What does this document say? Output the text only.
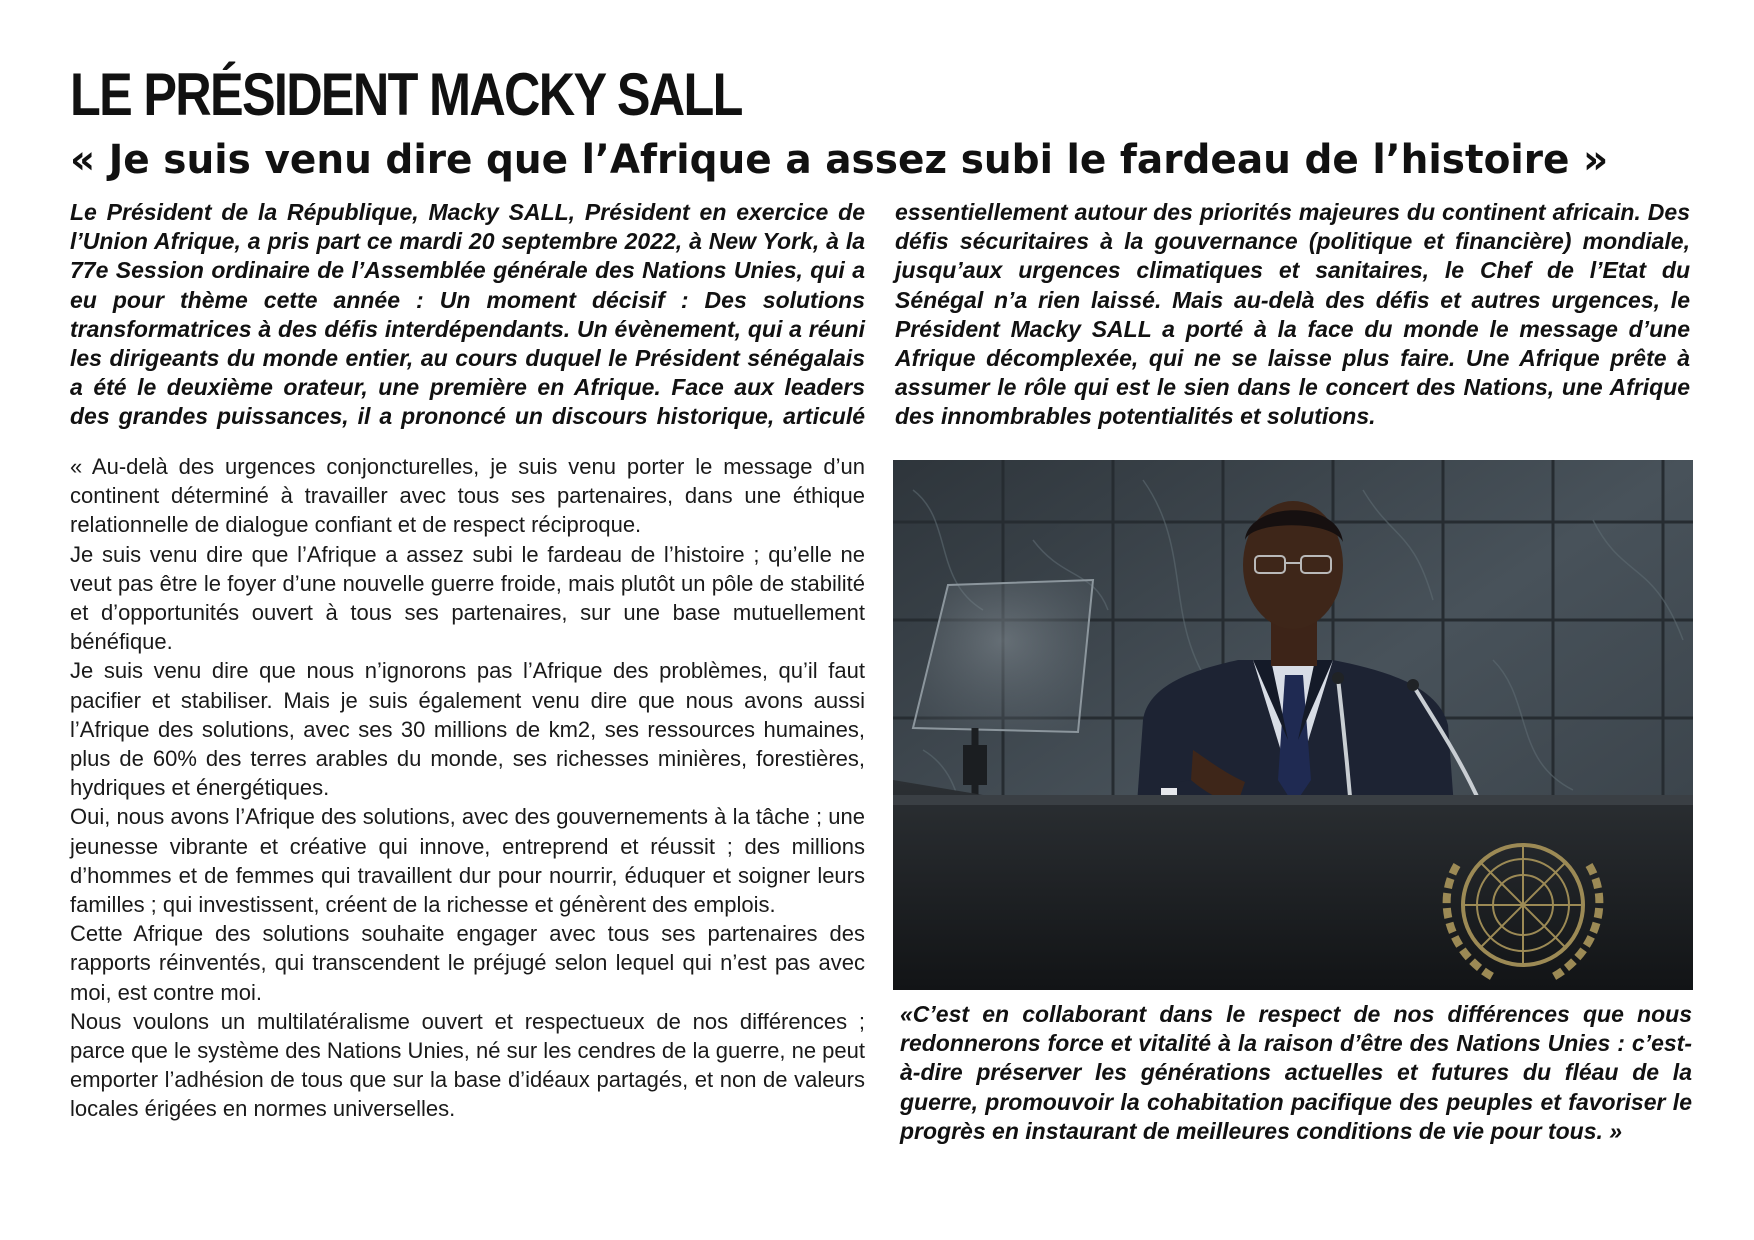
LE PRÉSIDENT MACKY SALL
« Je suis venu dire que l’Afrique a assez subi le fardeau de l’histoire »

Le Président de la République, Macky SALL, Président en exercice de l’Union Afrique, a pris part ce mardi 20 septembre 2022, à New York, à la 77e Session ordinaire de l’Assemblée générale des Nations Unies, qui a eu pour thème cette année : Un moment décisif : Des solutions transformatrices à des défis interdépendants. Un évènement, qui a réuni les dirigeants du monde entier, au cours duquel le Président sénégalais a été le deuxième orateur, une première en Afrique. Face aux leaders des grandes puissances, il a prononcé un discours historique, articulé essentiellement autour des priorités majeures du continent africain. Des défis sécuritaires à la gouvernance (politique et financière) mondiale, jusqu’aux urgences climatiques et sanitaires, le Chef de l’Etat du Sénégal n’a rien laissé. Mais au-delà des défis et autres urgences, le Président Macky SALL a porté à la face du monde le message d’une Afrique décomplexée, qui ne se laisse plus faire. Une Afrique prête à assumer le rôle qui est le sien dans le concert des Nations, une Afrique des innombrables potentialités et solutions.

« Au-delà des urgences conjoncturelles, je suis venu porter le message d’un continent déterminé à travailler avec tous ses partenaires, dans une éthique relationnelle de dialogue confiant et de respect réciproque.

Je suis venu dire que l’Afrique a assez subi le fardeau de l’histoire ; qu’elle ne veut pas être le foyer d’une nouvelle guerre froide, mais plutôt un pôle de stabilité et d’opportunités ouvert à tous ses partenaires, sur une base mutuellement bénéfique.

Je suis venu dire que nous n’ignorons pas l’Afrique des problèmes, qu’il faut pacifier et stabiliser. Mais je suis également venu dire que nous avons aussi l’Afrique des solutions, avec ses 30 millions de km2, ses ressources humaines, plus de 60% des terres arables du monde, ses richesses minières, forestières, hydriques et énergétiques.

Oui, nous avons l’Afrique des solutions, avec des gouvernements à la tâche ; une jeunesse vibrante et créative qui innove, entreprend et réussit ; des millions d’hommes et de femmes qui travaillent dur pour nourrir, éduquer et soigner leurs familles ; qui investissent, créent de la richesse et génèrent des emplois.

Cette Afrique des solutions souhaite engager avec tous ses partenaires des rapports réinventés, qui transcendent le préjugé selon lequel qui n’est pas avec moi, est contre moi.

Nous voulons un multilatéralisme ouvert et respectueux de nos différences ; parce que le système des Nations Unies, né sur les cendres de la guerre, ne peut emporter l’adhésion de tous que sur la base d’idéaux partagés, et non de valeurs locales érigées en normes universelles.

«C’est en collaborant dans le respect de nos différences que nous redonnerons force et vitalité à la raison d’être des Nations Unies : c’est-à-dire préserver les générations actuelles et futures du fléau de la guerre, promouvoir la cohabitation pacifique des peuples et favoriser le progrès en instaurant de meilleures conditions de vie pour tous. »
